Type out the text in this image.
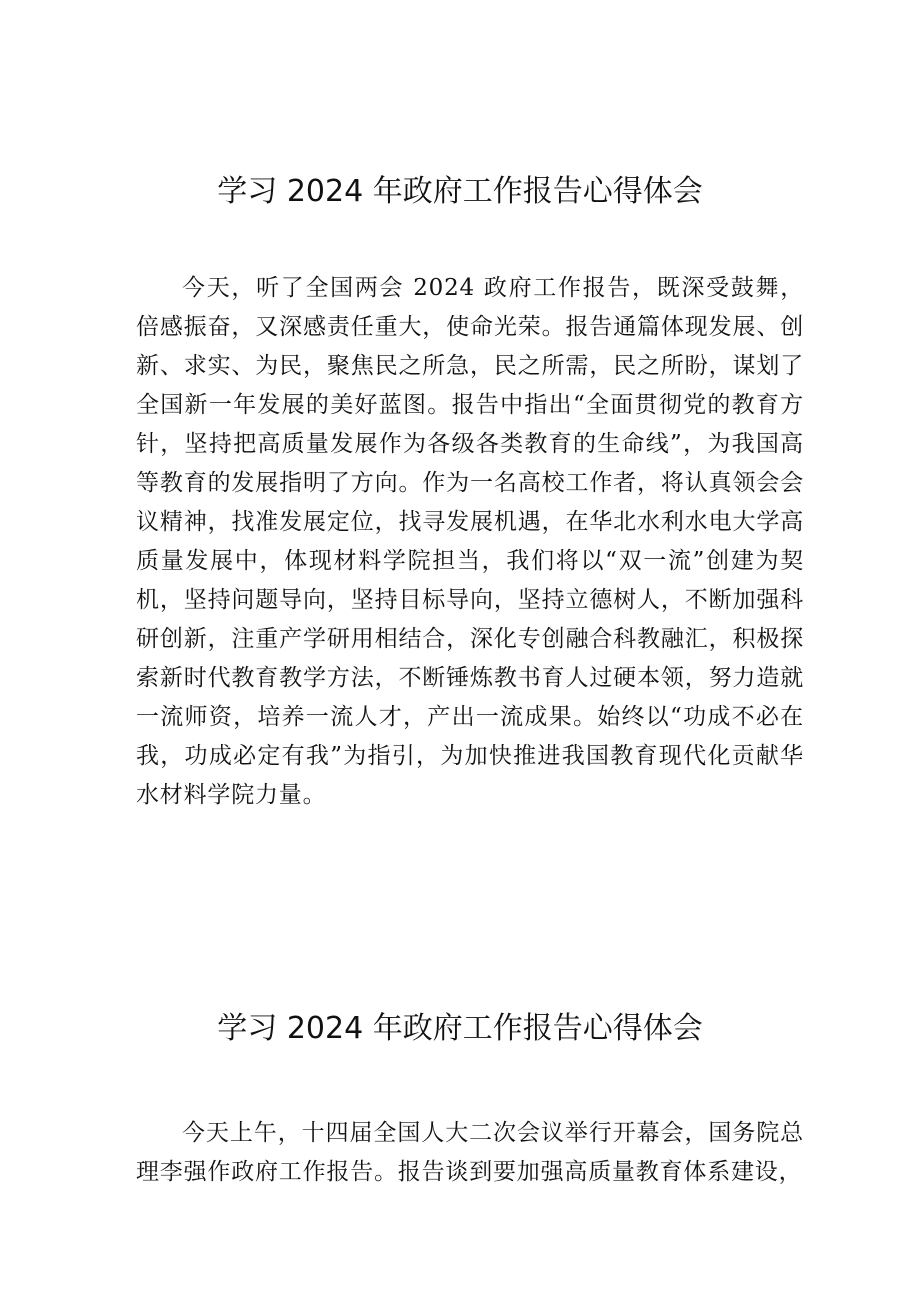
学习 2024 年政府工作报告心得体会

今天，听了全国两会 2024 政府工作报告，既深受鼓舞，倍感振奋，又深感责任重大，使命光荣。报告通篇体现发展、创新、求实、为民，聚焦民之所急，民之所需，民之所盼，谋划了全国新一年发展的美好蓝图。报告中指出“全面贯彻党的教育方针，坚持把高质量发展作为各级各类教育的生命线”，为我国高等教育的发展指明了方向。作为一名高校工作者，将认真领会会议精神，找准发展定位，找寻发展机遇，在华北水利水电大学高质量发展中，体现材料学院担当，我们将以“双一流”创建为契机，坚持问题导向，坚持目标导向，坚持立德树人，不断加强科研创新，注重产学研用相结合，深化专创融合科教融汇，积极探索新时代教育教学方法，不断锤炼教书育人过硬本领，努力造就一流师资，培养一流人才，产出一流成果。始终以“功成不必在我，功成必定有我”为指引，为加快推进我国教育现代化贡献华水材料学院力量。

学习 2024 年政府工作报告心得体会

今天上午，十四届全国人大二次会议举行开幕会，国务院总理李强作政府工作报告。报告谈到要加强高质量教育体系建设，
